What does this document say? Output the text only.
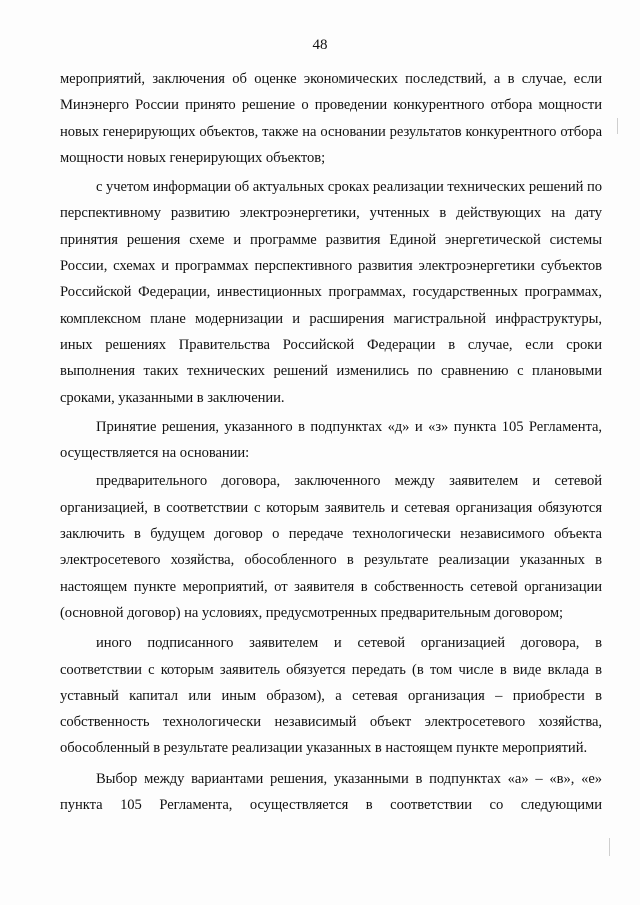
48

мероприятий, заключения об оценке экономических последствий, а в случае, если Минэнерго России принято решение о проведении конкурентного отбора мощности новых генерирующих объектов, также на основании результатов конкурентного отбора мощности новых генерирующих объектов;

с учетом информации об актуальных сроках реализации технических решений по перспективному развитию электроэнергетики, учтенных в действующих на дату принятия решения схеме и программе развития Единой энергетической системы России, схемах и программах перспективного развития электроэнергетики субъектов Российской Федерации, инвестиционных программах, государственных программах, комплексном плане модернизации и расширения магистральной инфраструктуры, иных решениях Правительства Российской Федерации в случае, если сроки выполнения таких технических решений изменились по сравнению с плановыми сроками, указанными в заключении.

Принятие решения, указанного в подпунктах «д» и «з» пункта 105 Регламента, осуществляется на основании:

предварительного договора, заключенного между заявителем и сетевой организацией, в соответствии с которым заявитель и сетевая организация обязуются заключить в будущем договор о передаче технологически независимого объекта электросетевого хозяйства, обособленного в результате реализации указанных в настоящем пункте мероприятий, от заявителя в собственность сетевой организации (основной договор) на условиях, предусмотренных предварительным договором;

иного подписанного заявителем и сетевой организацией договора, в соответствии с которым заявитель обязуется передать (в том числе в виде вклада в уставный капитал или иным образом), а сетевая организация – приобрести в собственность технологически независимый объект электросетевого хозяйства, обособленный в результате реализации указанных в настоящем пункте мероприятий.

Выбор между вариантами решения, указанными в подпунктах «а» – «в», «е» пункта 105 Регламента, осуществляется в соответствии со следующими
